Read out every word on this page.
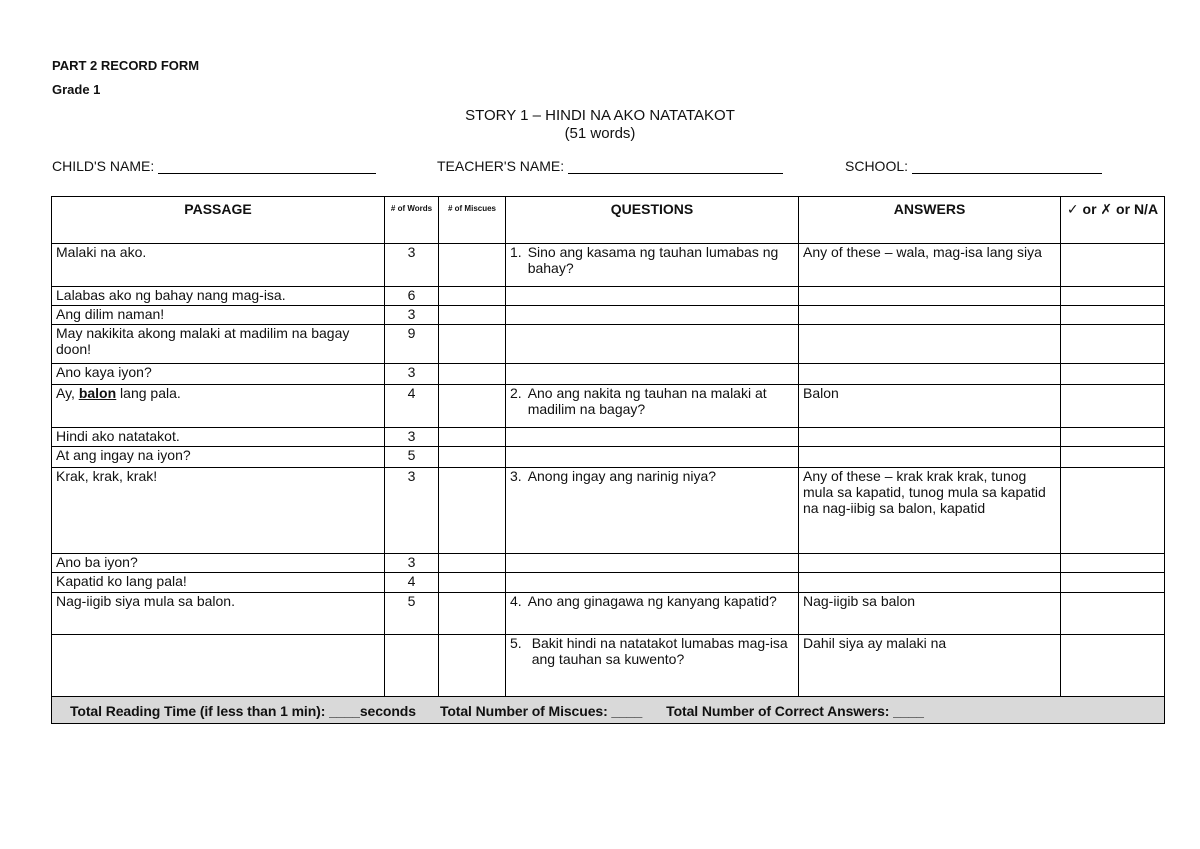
PART 2 RECORD FORM
Grade 1
STORY 1 – HINDI NA AKO NATATAKOT
(51 words)
CHILD'S NAME:	TEACHER'S NAME:	SCHOOL:
PASSAGE	# of Words	# of Miscues	QUESTIONS	ANSWERS	✓ or ✗ or N/A
Malaki na ako.	3		1. Sino ang kasama ng tauhan lumabas ng bahay?	Any of these – wala, mag-isa lang siya	
Lalabas ako ng bahay nang mag-isa.	6				
Ang dilim naman!	3				
May nakikita akong malaki at madilim na bagay doon!	9				
Ano kaya iyon?	3				
Ay, balon lang pala.	4		2. Ano ang nakita ng tauhan na malaki at madilim na bagay?	Balon	
Hindi ako natatakot.	3				
At ang ingay na iyon?	5				
Krak, krak, krak!	3		3. Anong ingay ang narinig niya?	Any of these – krak krak krak, tunog mula sa kapatid, tunog mula sa kapatid na nag-iibig sa balon, kapatid	
Ano ba iyon?	3				
Kapatid ko lang pala!	4				
Nag-iigib siya mula sa balon.	5		4. Ano ang ginagawa ng kanyang kapatid?	Nag-iigib sa balon	

			5. Bakit hindi na natatakot lumabas mag-isa ang tauhan sa kuwento?	Dahil siya ay malaki na	
Total Reading Time (if less than 1 min): ____seconds Total Number of Miscues: ____ Total Number of Correct Answers: ____					
